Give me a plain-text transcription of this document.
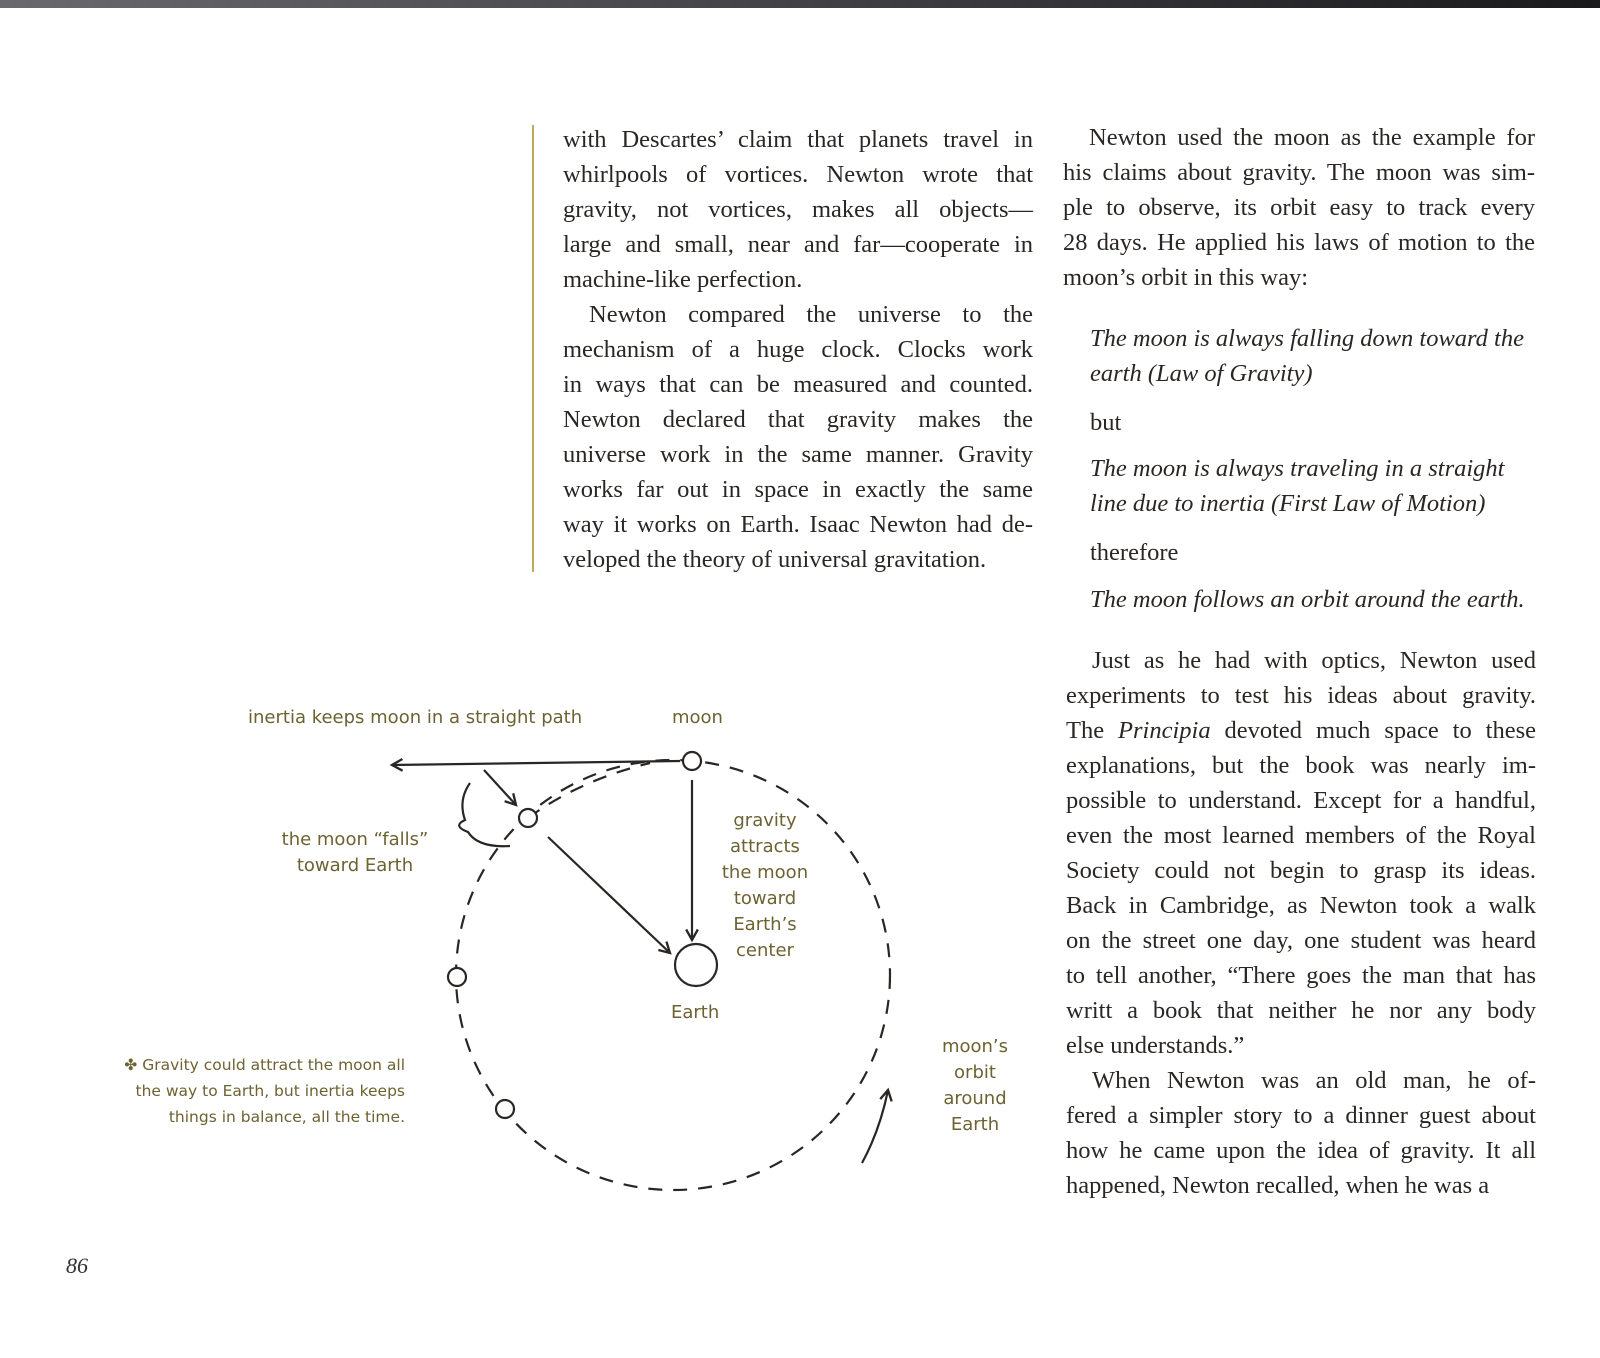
with Descartes’ claim that planets travel in
whirlpools of vortices. Newton wrote that
gravity, not vortices, makes all objects—
large and small, near and far—cooperate in
machine-like perfection.
Newton compared the universe to the
mechanism of a huge clock. Clocks work
in ways that can be measured and counted.
Newton declared that gravity makes the
universe work in the same manner. Gravity
works far out in space in exactly the same
way it works on Earth. Isaac Newton had de-
veloped the theory of universal gravitation.
Newton used the moon as the example for
his claims about gravity. The moon was sim-
ple to observe, its orbit easy to track every
28 days. He applied his laws of motion to the
moon’s orbit in this way:
The moon is always falling down toward the
earth (Law of Gravity)
but
The moon is always traveling in a straight
line due to inertia (First Law of Motion)
therefore
The moon follows an orbit around the earth.
Just as he had with optics, Newton used
experiments to test his ideas about gravity.
The Principia devoted much space to these
explanations, but the book was nearly im-
possible to understand. Except for a handful,
even the most learned members of the Royal
Society could not begin to grasp its ideas.
Back in Cambridge, as Newton took a walk
on the street one day, one student was heard
to tell another, “There goes the man that has
writt a book that neither he nor any body
else understands.”
When Newton was an old man, he of-
fered a simpler story to a dinner guest about
how he came upon the idea of gravity. It all
happened, Newton recalled, when he was a
inertia keeps moon in a straight path	moon
the moon “falls”
toward Earth
gravity
attracts
the moon
toward
Earth’s
center
Earth
moon’s
orbit
around
Earth
✤ Gravity could attract the moon all the way to Earth, but inertia keeps things in balance, all the time.
86
